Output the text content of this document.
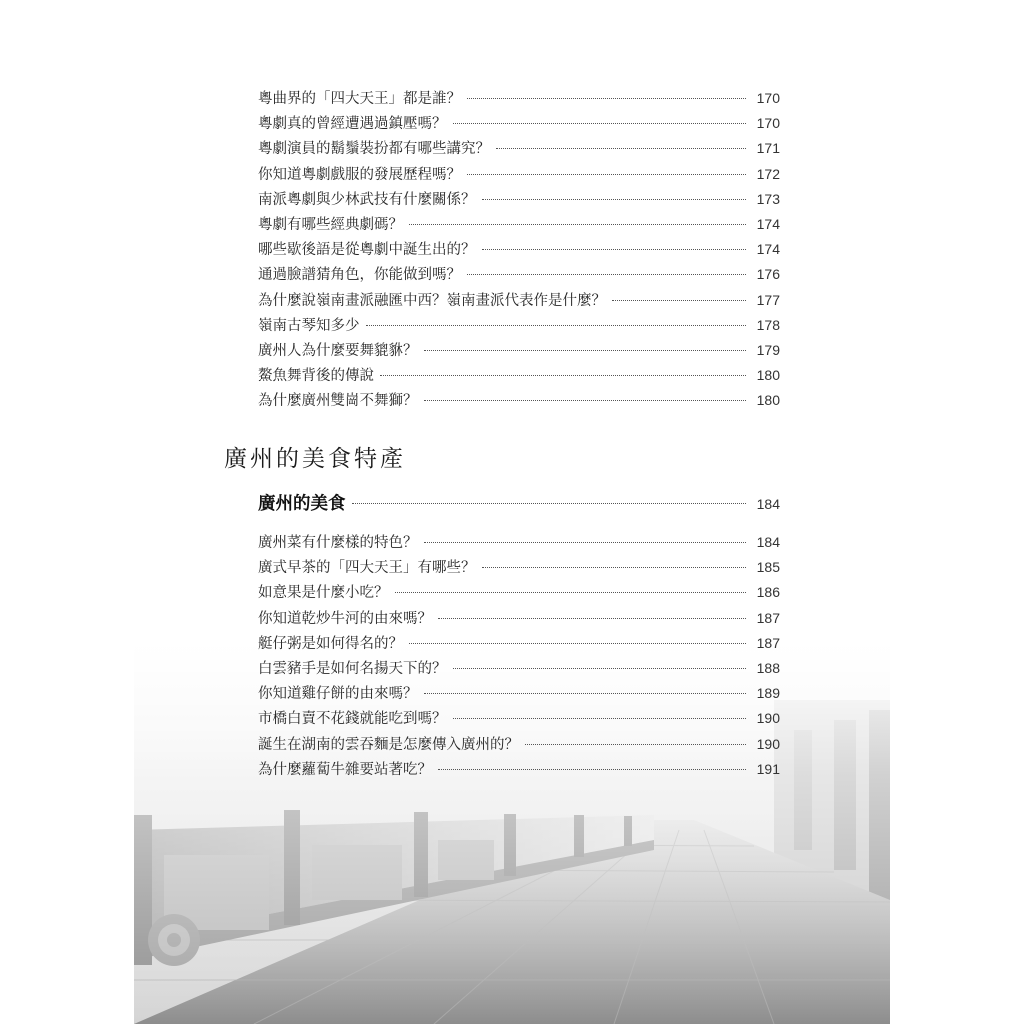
粵曲界的「四大天王」都是誰？	170
粵劇真的曾經遭遇過鎮壓嗎？	170
粵劇演員的鬍鬚裝扮都有哪些講究？	171
你知道粵劇戲服的發展歷程嗎？	172
南派粵劇與少林武技有什麼關係？	173
粵劇有哪些經典劇碼？	174
哪些歇後語是從粵劇中誕生出的？	174
通過臉譜猜角色，你能做到嗎？	176
為什麼說嶺南畫派融匯中西？嶺南畫派代表作是什麼？	177
嶺南古琴知多少	178
廣州人為什麼要舞貔貅？	179
鰲魚舞背後的傳說	180
為什麼廣州雙崗不舞獅？	180
廣州的美食特產
廣州的美食	184
廣州菜有什麼樣的特色？	184
廣式早茶的「四大天王」有哪些？	185
如意果是什麼小吃？	186
你知道乾炒牛河的由來嗎？	187
艇仔粥是如何得名的？	187
白雲豬手是如何名揚天下的？	188
你知道雞仔餅的由來嗎？	189
市橋白賣不花錢就能吃到嗎？	190
誕生在湖南的雲吞麵是怎麼傳入廣州的？	190
為什麼蘿蔔牛雜要站著吃？	191
